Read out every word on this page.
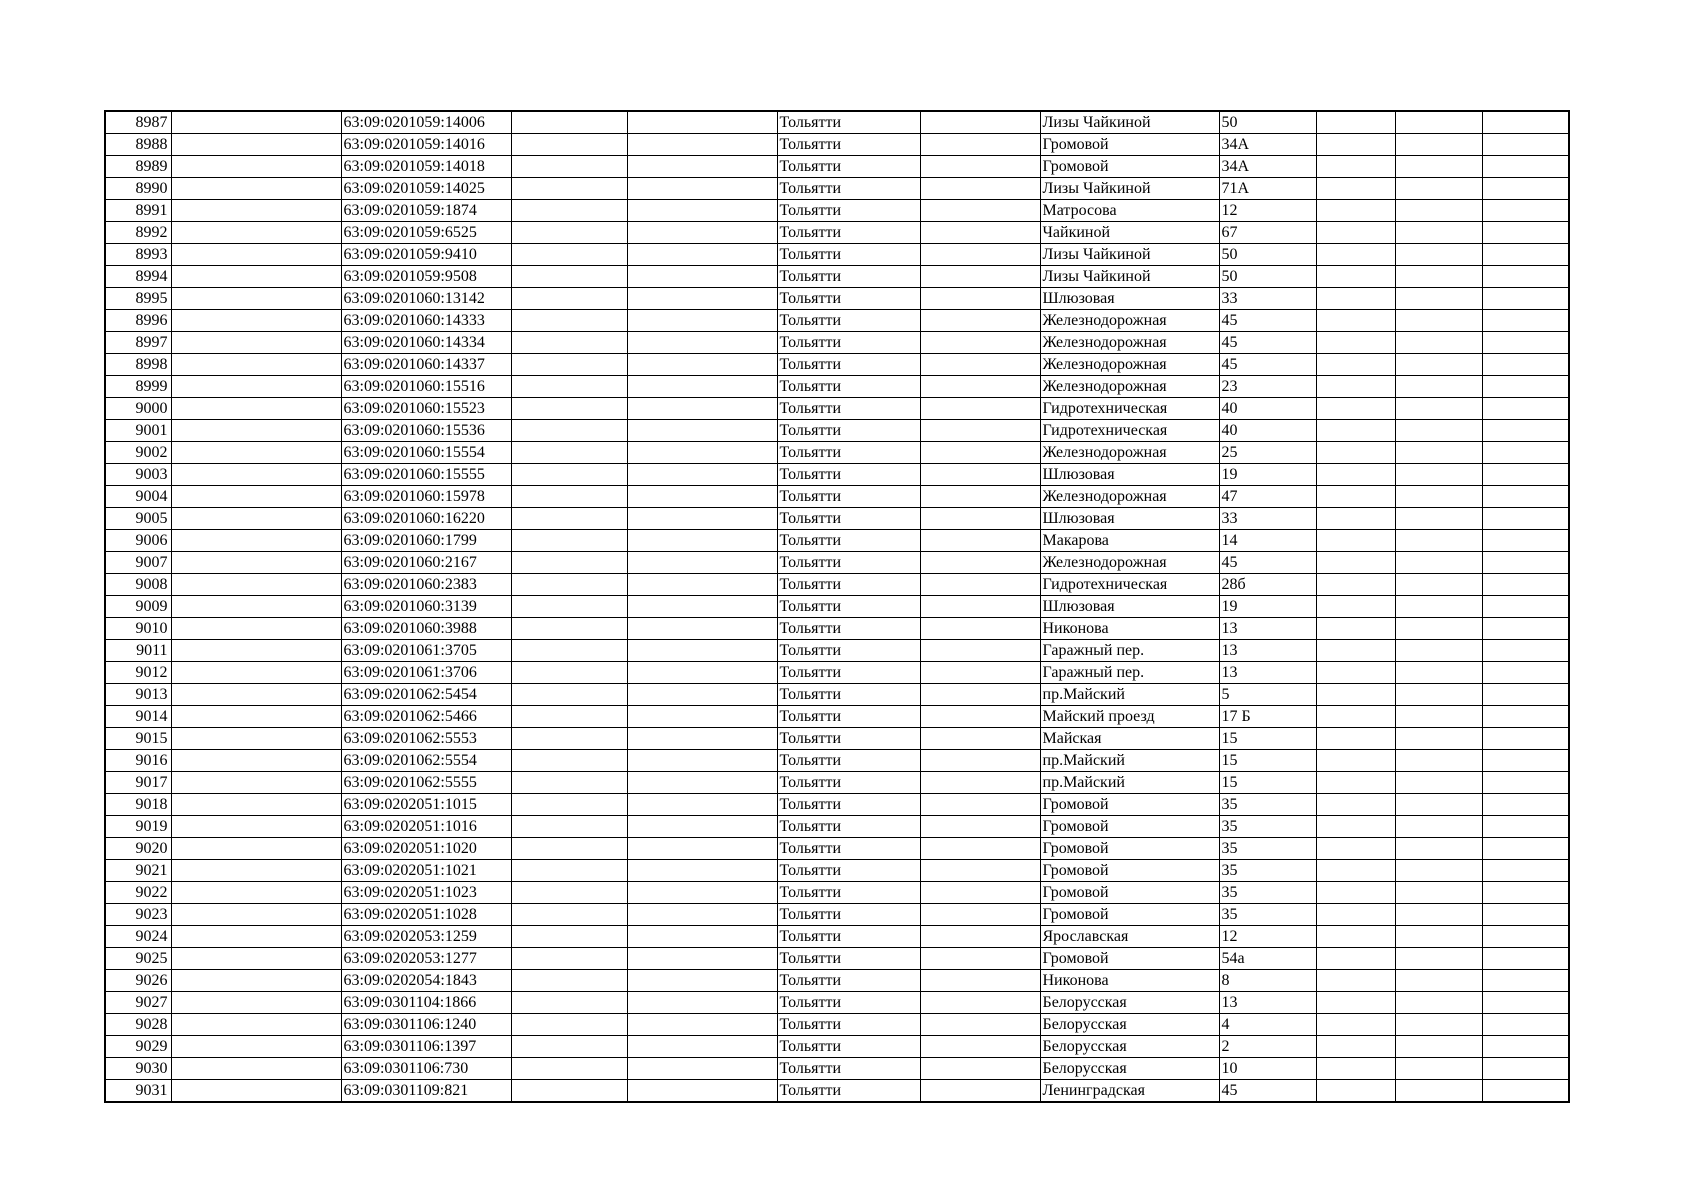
8987		63:09:0201059:14006			Тольятти		Лизы Чайкиной	50			
8988		63:09:0201059:14016			Тольятти		Громовой	34А			
8989		63:09:0201059:14018			Тольятти		Громовой	34А			
8990		63:09:0201059:14025			Тольятти		Лизы Чайкиной	71А			
8991		63:09:0201059:1874			Тольятти		Матросова	12			
8992		63:09:0201059:6525			Тольятти		Чайкиной	67			
8993		63:09:0201059:9410			Тольятти		Лизы Чайкиной	50			
8994		63:09:0201059:9508			Тольятти		Лизы Чайкиной	50			
8995		63:09:0201060:13142			Тольятти		Шлюзовая	33			
8996		63:09:0201060:14333			Тольятти		Железнодорожная	45			
8997		63:09:0201060:14334			Тольятти		Железнодорожная	45			
8998		63:09:0201060:14337			Тольятти		Железнодорожная	45			
8999		63:09:0201060:15516			Тольятти		Железнодорожная	23			
9000		63:09:0201060:15523			Тольятти		Гидротехническая	40			
9001		63:09:0201060:15536			Тольятти		Гидротехническая	40			
9002		63:09:0201060:15554			Тольятти		Железнодорожная	25			
9003		63:09:0201060:15555			Тольятти		Шлюзовая	19			
9004		63:09:0201060:15978			Тольятти		Железнодорожная	47			
9005		63:09:0201060:16220			Тольятти		Шлюзовая	33			
9006		63:09:0201060:1799			Тольятти		Макарова	14			
9007		63:09:0201060:2167			Тольятти		Железнодорожная	45			
9008		63:09:0201060:2383			Тольятти		Гидротехническая	28б			
9009		63:09:0201060:3139			Тольятти		Шлюзовая	19			
9010		63:09:0201060:3988			Тольятти		Никонова	13			
9011		63:09:0201061:3705			Тольятти		Гаражный пер.	13			
9012		63:09:0201061:3706			Тольятти		Гаражный пер.	13			
9013		63:09:0201062:5454			Тольятти		пр.Майский	5			
9014		63:09:0201062:5466			Тольятти		Майский проезд	17 Б			
9015		63:09:0201062:5553			Тольятти		Майская	15			
9016		63:09:0201062:5554			Тольятти		пр.Майский	15			
9017		63:09:0201062:5555			Тольятти		пр.Майский	15			
9018		63:09:0202051:1015			Тольятти		Громовой	35			
9019		63:09:0202051:1016			Тольятти		Громовой	35			
9020		63:09:0202051:1020			Тольятти		Громовой	35			
9021		63:09:0202051:1021			Тольятти		Громовой	35			
9022		63:09:0202051:1023			Тольятти		Громовой	35			
9023		63:09:0202051:1028			Тольятти		Громовой	35			
9024		63:09:0202053:1259			Тольятти		Ярославская	12			
9025		63:09:0202053:1277			Тольятти		Громовой	54а			
9026		63:09:0202054:1843			Тольятти		Никонова	8			
9027		63:09:0301104:1866			Тольятти		Белорусская	13			
9028		63:09:0301106:1240			Тольятти		Белорусская	4			
9029		63:09:0301106:1397			Тольятти		Белорусская	2			
9030		63:09:0301106:730			Тольятти		Белорусская	10			
9031		63:09:0301109:821			Тольятти		Ленинградская	45			
